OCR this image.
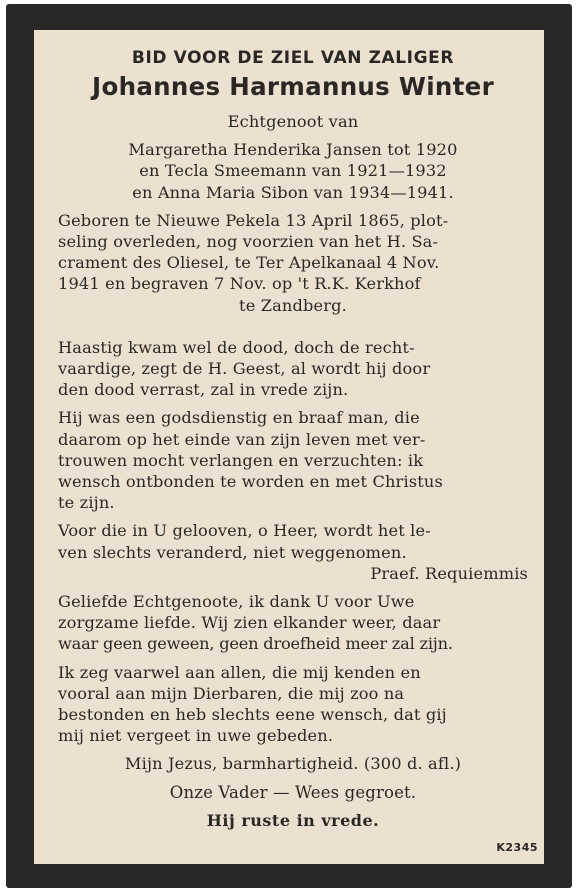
BID VOOR DE ZIEL VAN ZALIGER

Johannes Harmannus Winter

Echtgenoot van

Margaretha Henderika Jansen tot 1920

en Tecla Smeemann van 1921—1932

en Anna Maria Sibon van 1934—1941.

Geboren te Nieuwe Pekela 13 April 1865, plot-

seling overleden, nog voorzien van het H. Sa-

crament des Oliesel, te Ter Apelkanaal 4 Nov.

1941 en begraven 7 Nov. op 't R.K. Kerkhof

te Zandberg.

Haastig kwam wel de dood, doch de recht-

vaardige, zegt de H. Geest, al wordt hij door

den dood verrast, zal in vrede zijn.

Hij was een godsdienstig en braaf man, die

daarom op het einde van zijn leven met ver-

trouwen mocht verlangen en verzuchten: ik

wensch ontbonden te worden en met Christus

te zijn.

Voor die in U gelooven, o Heer, wordt het le-

ven slechts veranderd, niet weggenomen.

Praef. Requiemmis

Geliefde Echtgenoote, ik dank U voor Uwe

zorgzame liefde. Wij zien elkander weer, daar

waar geen geween, geen droefheid meer zal zijn.

Ik zeg vaarwel aan allen, die mij kenden en

vooral aan mijn Dierbaren, die mij zoo na

bestonden en heb slechts eene wensch, dat gij

mij niet vergeet in uwe gebeden.

Mijn Jezus, barmhartigheid. (300 d. afl.)

Onze Vader — Wees gegroet.

Hij ruste in vrede.

K2345
